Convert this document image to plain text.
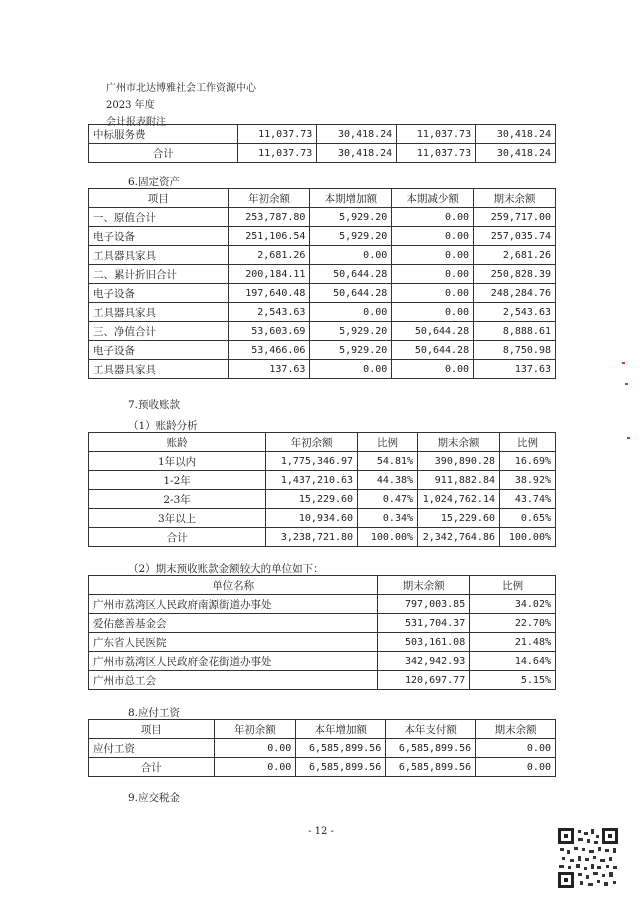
广州市北达博雅社会工作资源中心
2023 年度
会计报表附注
中标服务费	11,037.73	30,418.24	11,037.73	30,418.24
合计	11,037.73	30,418.24	11,037.73	30,418.24
6.固定资产
项目	年初余额	本期增加额	本期减少额	期末余额
一、原值合计	253,787.80	5,929.20	0.00	259,717.00
电子设备	251,106.54	5,929.20	0.00	257,035.74
工具器具家具	2,681.26	0.00	0.00	2,681.26
二、累计折旧合计	200,184.11	50,644.28	0.00	250,828.39
电子设备	197,640.48	50,644.28	0.00	248,284.76
工具器具家具	2,543.63	0.00	0.00	2,543.63
三、净值合计	53,603.69	5,929.20	50,644.28	8,888.61
电子设备	53,466.06	5,929.20	50,644.28	8,750.98
工具器具家具	137.63	0.00	0.00	137.63
7.预收账款
（1）账龄分析
账龄	年初余额	比例	期末余额	比例
1年以内	1,775,346.97	54.81%	390,890.28	16.69%
1-2年	1,437,210.63	44.38%	911,882.84	38.92%
2-3年	15,229.60	0.47%	1,024,762.14	43.74%
3年以上	10,934.60	0.34%	15,229.60	0.65%
合计	3,238,721.80	100.00%	2,342,764.86	100.00%
（2）期末预收账款金额较大的单位如下：
单位名称	期末余额	比例
广州市荔湾区人民政府南源街道办事处	797,003.85	34.02%
爱佑慈善基金会	531,704.37	22.70%
广东省人民医院	503,161.08	21.48%
广州市荔湾区人民政府金花街道办事处	342,942.93	14.64%
广州市总工会	120,697.77	5.15%
8.应付工资
项目	年初余额	本年增加额	本年支付额	期末余额
应付工资	0.00	6,585,899.56	6,585,899.56	0.00
合计	0.00	6,585,899.56	6,585,899.56	0.00
9.应交税金
- 12 -
